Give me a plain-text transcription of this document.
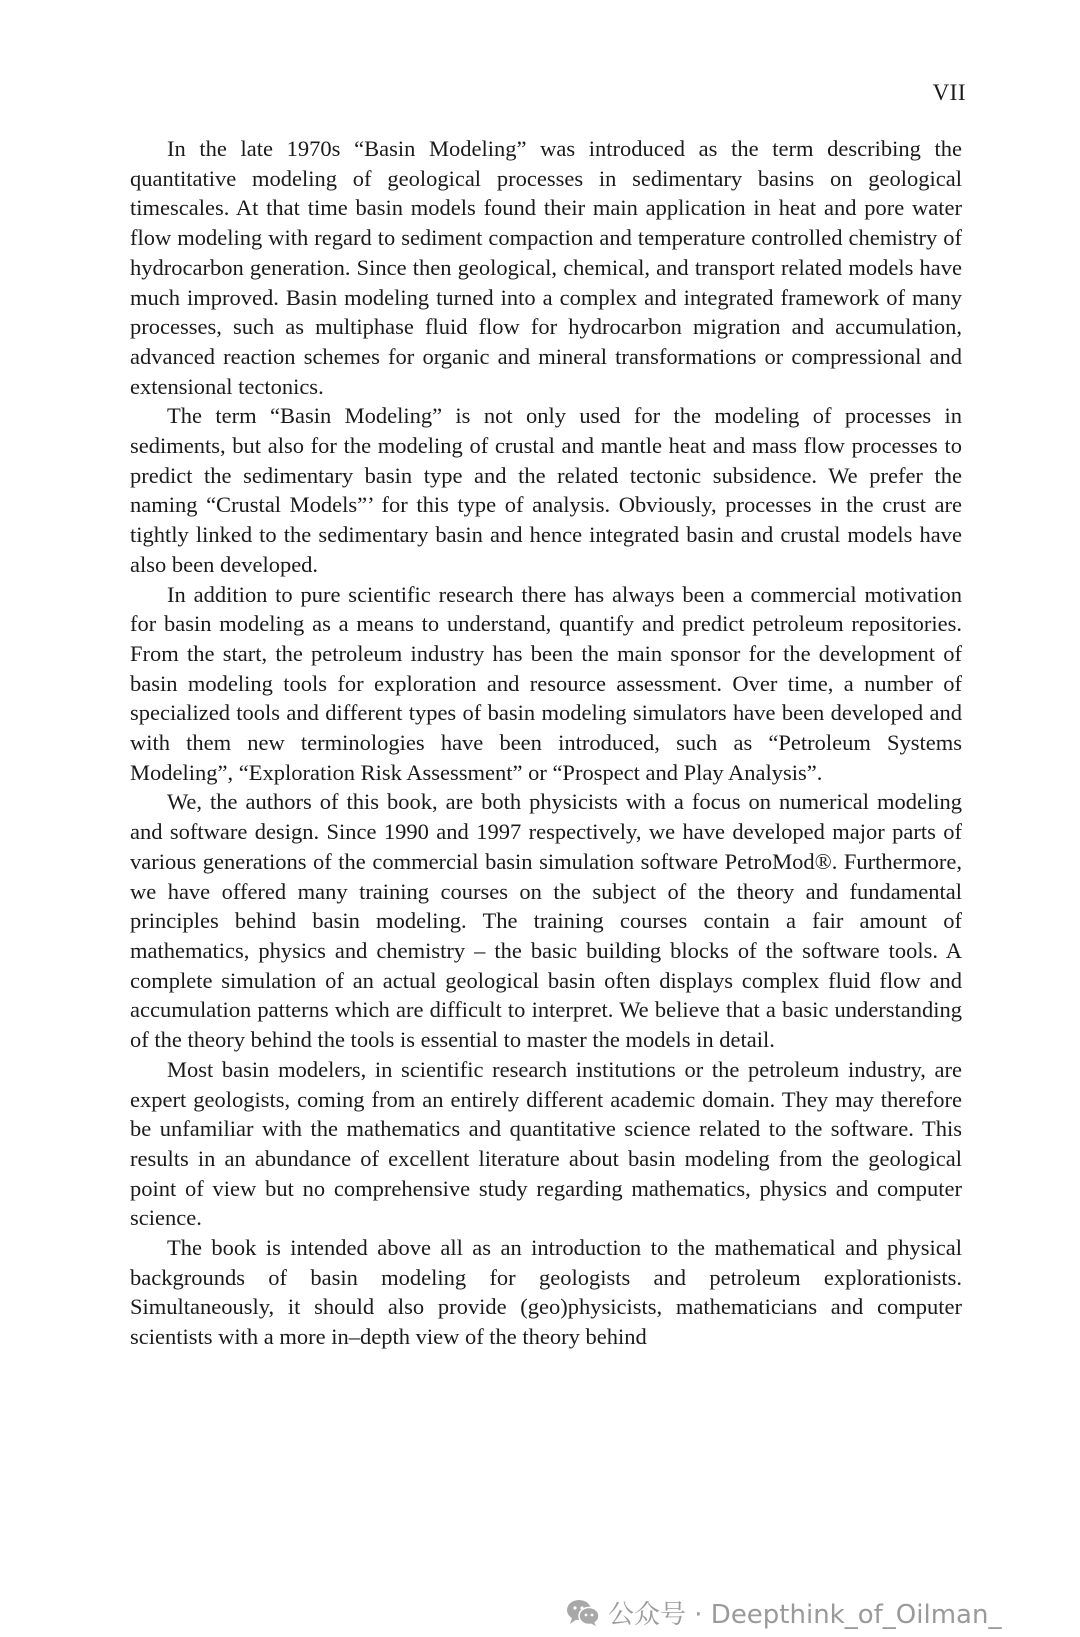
VII

In the late 1970s “Basin Modeling” was introduced as the term describing the quantitative modeling of geological processes in sedimentary basins on geological timescales. At that time basin models found their main application in heat and pore water flow modeling with regard to sediment compaction and temperature controlled chemistry of hydrocarbon generation. Since then geological, chemical, and transport related models have much improved. Basin modeling turned into a complex and integrated framework of many processes, such as multiphase fluid flow for hydrocarbon migration and accumulation, advanced reaction schemes for organic and mineral transformations or compressional and extensional tectonics.

The term “Basin Modeling” is not only used for the modeling of processes in sediments, but also for the modeling of crustal and mantle heat and mass flow processes to predict the sedimentary basin type and the related tectonic subsidence. We prefer the naming “Crustal Models”’ for this type of analysis. Obviously, processes in the crust are tightly linked to the sedimentary basin and hence integrated basin and crustal models have also been developed.

In addition to pure scientific research there has always been a commercial motivation for basin modeling as a means to understand, quantify and predict petroleum repositories. From the start, the petroleum industry has been the main sponsor for the development of basin modeling tools for exploration and resource assessment. Over time, a number of specialized tools and different types of basin modeling simulators have been developed and with them new terminologies have been introduced, such as “Petroleum Systems Modeling”, “Exploration Risk Assessment” or “Prospect and Play Analysis”.

We, the authors of this book, are both physicists with a focus on numerical modeling and software design. Since 1990 and 1997 respectively, we have developed major parts of various generations of the commercial basin simulation software PetroMod®. Furthermore, we have offered many training courses on the subject of the theory and fundamental principles behind basin modeling. The training courses contain a fair amount of mathematics, physics and chemistry – the basic building blocks of the software tools. A complete simulation of an actual geological basin often displays complex fluid flow and accumulation patterns which are difficult to interpret. We believe that a basic understanding of the theory behind the tools is essential to master the models in detail.

Most basin modelers, in scientific research institutions or the petroleum industry, are expert geologists, coming from an entirely different academic domain. They may therefore be unfamiliar with the mathematics and quantitative science related to the software. This results in an abundance of excellent literature about basin modeling from the geological point of view but no comprehensive study regarding mathematics, physics and computer science.

The book is intended above all as an introduction to the mathematical and physical backgrounds of basin modeling for geologists and petroleum explorationists. Simultaneously, it should also provide (geo)physicists, mathematicians and computer scientists with a more in–depth view of the theory behind

公众号 · Deepthink_of_Oilman_
